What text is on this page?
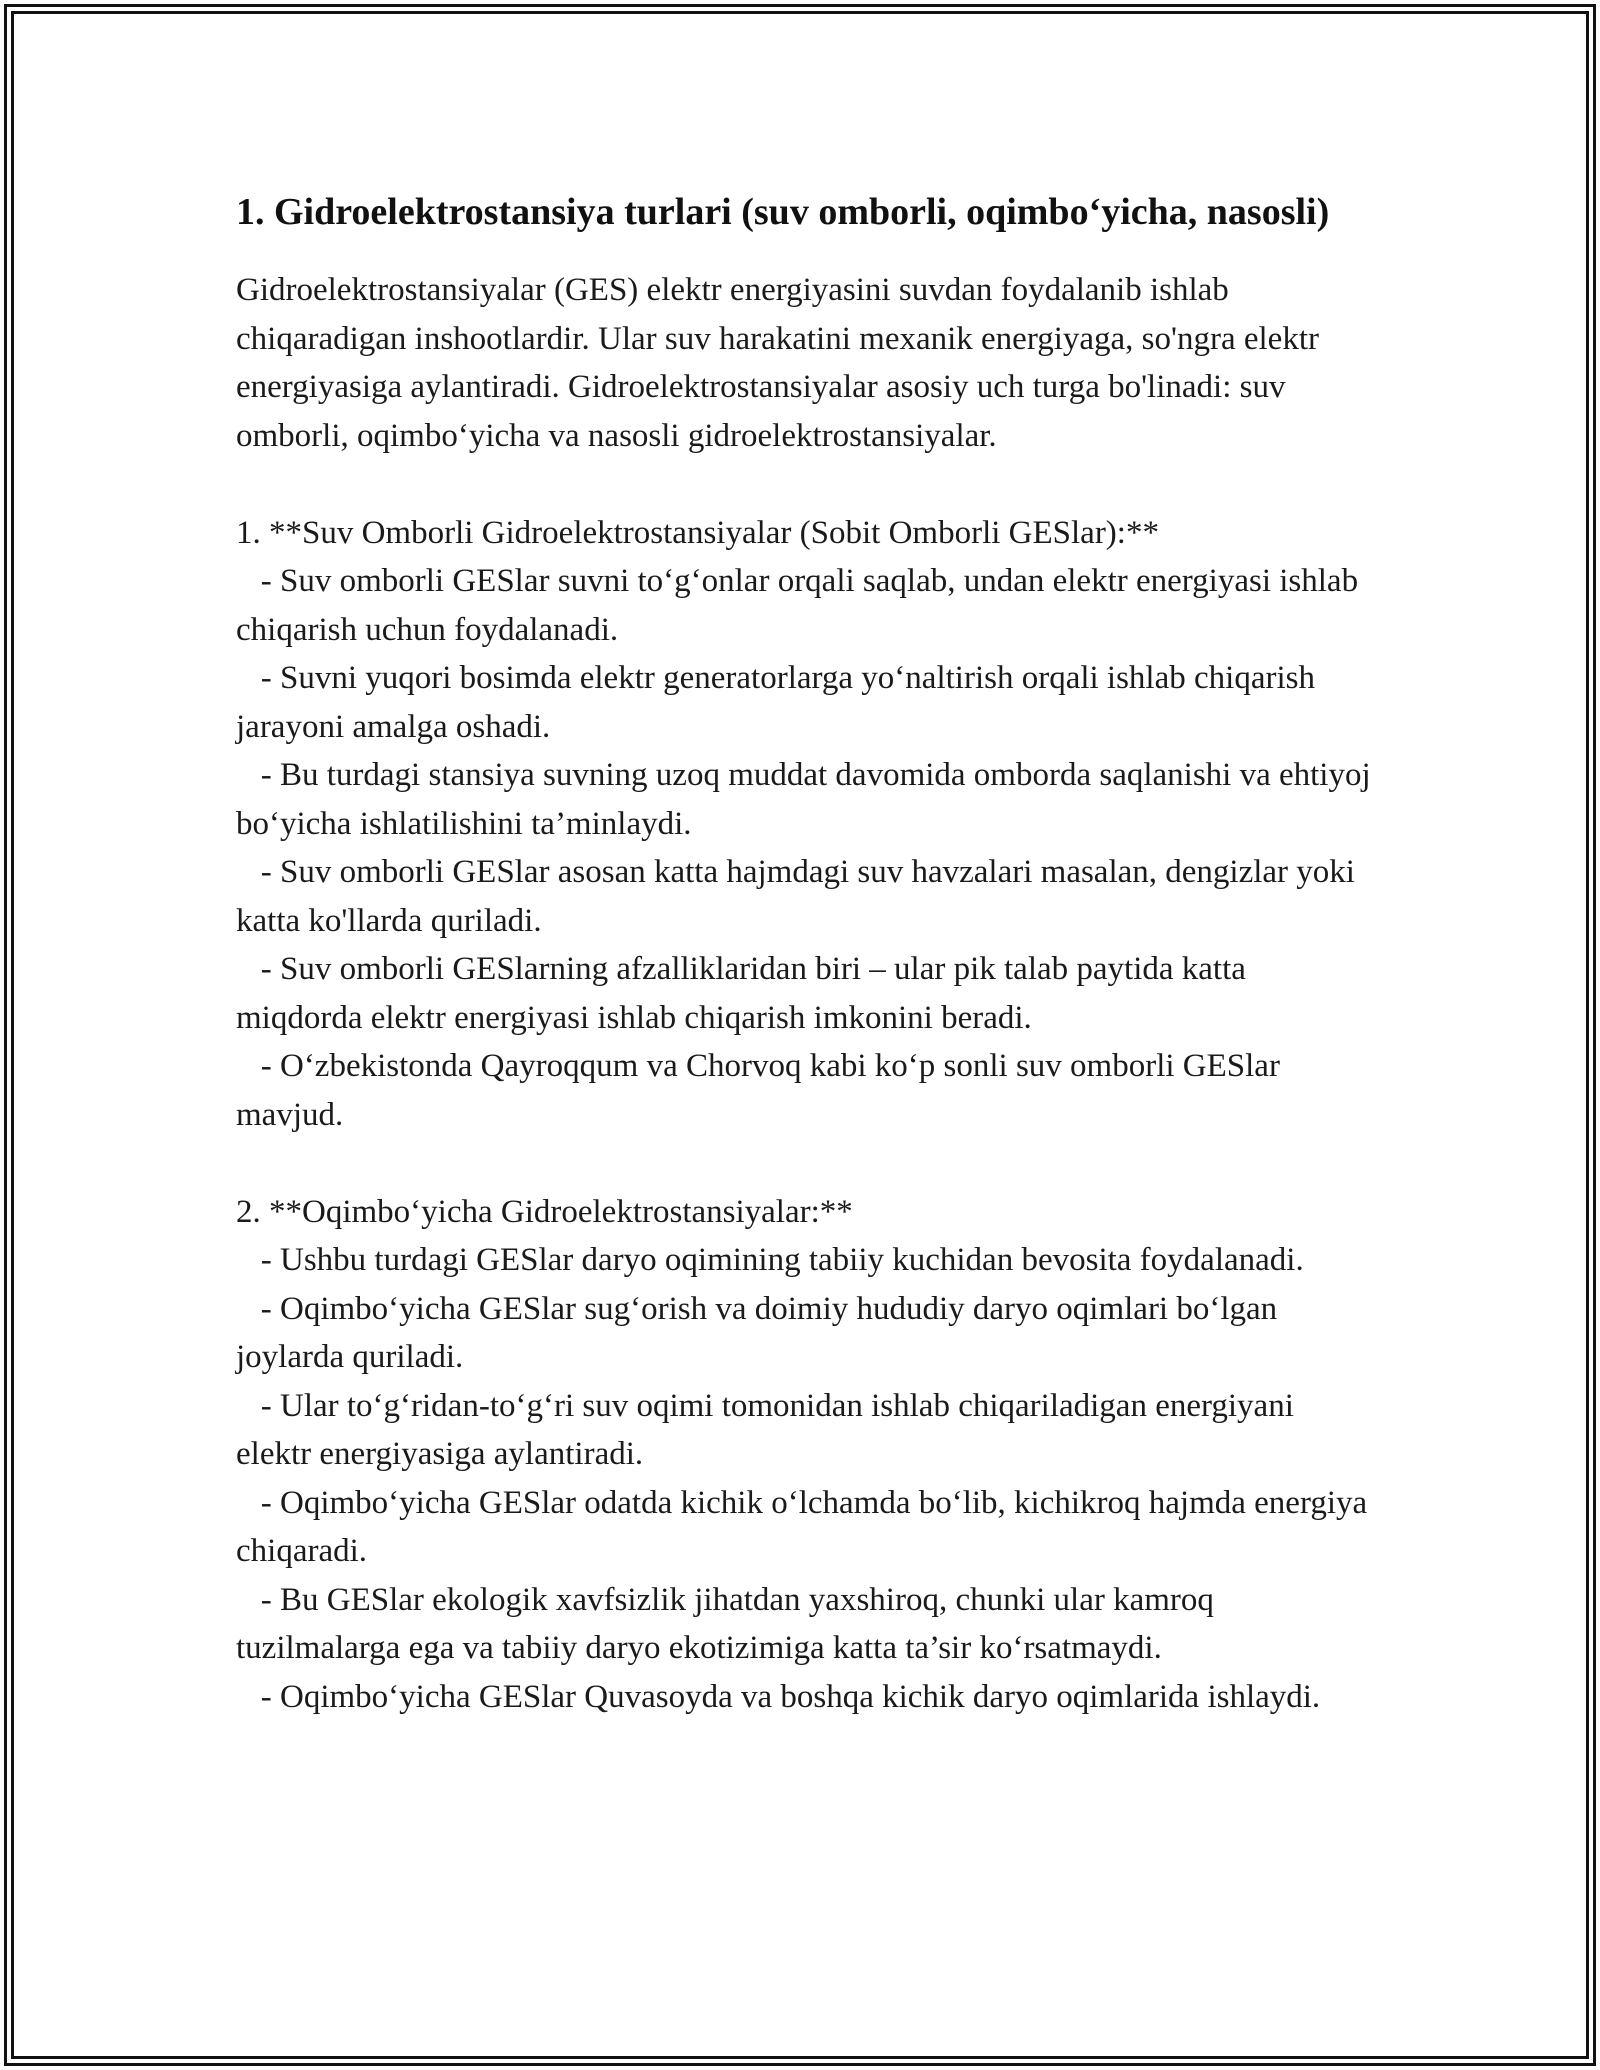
1. Gidroelektrostansiya turlari (suv omborli, oqimbo‘yicha, nasosli)

Gidroelektrostansiyalar (GES) elektr energiyasini suvdan foydalanib ishlab chiqaradigan inshootlardir. Ular suv harakatini mexanik energiyaga, so'ngra elektr energiyasiga aylantiradi. Gidroelektrostansiyalar asosiy uch turga bo'linadi: suv omborli, oqimbo‘yicha va nasosli gidroelektrostansiyalar.

1. **Suv Omborli Gidroelektrostansiyalar (Sobit Omborli GESlar):**

- Suv omborli GESlar suvni to‘g‘onlar orqali saqlab, undan elektr energiyasi ishlab chiqarish uchun foydalanadi.

- Suvni yuqori bosimda elektr generatorlarga yo‘naltirish orqali ishlab chiqarish jarayoni amalga oshadi.

- Bu turdagi stansiya suvning uzoq muddat davomida omborda saqlanishi va ehtiyoj bo‘yicha ishlatilishini ta’minlaydi.

- Suv omborli GESlar asosan katta hajmdagi suv havzalari masalan, dengizlar yoki katta ko'llarda quriladi.

- Suv omborli GESlarning afzalliklaridan biri – ular pik talab paytida katta miqdorda elektr energiyasi ishlab chiqarish imkonini beradi.

- O‘zbekistonda Qayroqqum va Chorvoq kabi ko‘p sonli suv omborli GESlar mavjud.

2. **Oqimbo‘yicha Gidroelektrostansiyalar:**

- Ushbu turdagi GESlar daryo oqimining tabiiy kuchidan bevosita foydalanadi.

- Oqimbo‘yicha GESlar sug‘orish va doimiy hududiy daryo oqimlari bo‘lgan joylarda quriladi.

- Ular to‘g‘ridan-to‘g‘ri suv oqimi tomonidan ishlab chiqariladigan energiyani elektr energiyasiga aylantiradi.

- Oqimbo‘yicha GESlar odatda kichik o‘lchamda bo‘lib, kichikroq hajmda energiya chiqaradi.

- Bu GESlar ekologik xavfsizlik jihatdan yaxshiroq, chunki ular kamroq tuzilmalarga ega va tabiiy daryo ekotizimiga katta ta’sir ko‘rsatmaydi.

- Oqimbo‘yicha GESlar Quvasoyda va boshqa kichik daryo oqimlarida ishlaydi.
